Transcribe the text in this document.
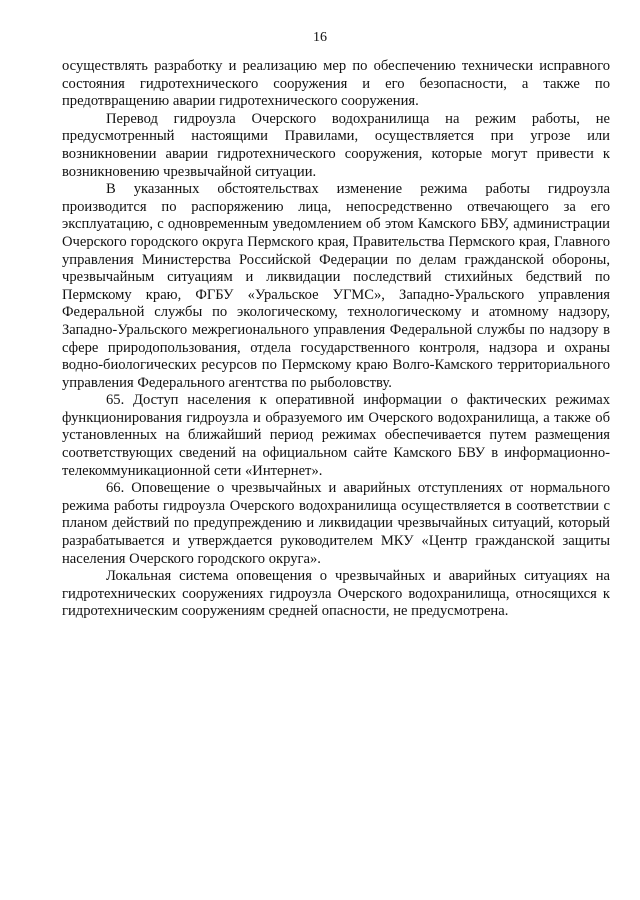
16

осуществлять разработку и реализацию мер по обеспечению технически исправного состояния гидротехнического сооружения и его безопасности, а также по предотвращению аварии гидротехнического сооружения.

Перевод гидроузла Очерского водохранилища на режим работы, не предусмотренный настоящими Правилами, осуществляется при угрозе или возникновении аварии гидротехнического сооружения, которые могут привести к возникновению чрезвычайной ситуации.

В указанных обстоятельствах изменение режима работы гидроузла производится по распоряжению лица, непосредственно отвечающего за его эксплуатацию, с одновременным уведомлением об этом Камского БВУ, администрации Очерского городского округа Пермского края, Правительства Пермского края, Главного управления Министерства Российской Федерации по делам гражданской обороны, чрезвычайным ситуациям и ликвидации последствий стихийных бедствий по Пермскому краю, ФГБУ «Уральское УГМС», Западно-Уральского управления Федеральной службы по экологическому, технологическому и атомному надзору, Западно-Уральского межрегионального управления Федеральной службы по надзору в сфере природопользования, отдела государственного контроля, надзора и охраны водно-биологических ресурсов по Пермскому краю Волго-Камского территориального управления Федерального агентства по рыболовству.

65. Доступ населения к оперативной информации о фактических режимах функционирования гидроузла и образуемого им Очерского водохранилища, а также об установленных на ближайший период режимах обеспечивается путем размещения соответствующих сведений на официальном сайте Камского БВУ в информационно-телекоммуникационной сети «Интернет».

66. Оповещение о чрезвычайных и аварийных отступлениях от нормального режима работы гидроузла Очерского водохранилища осуществляется в соответствии с планом действий по предупреждению и ликвидации чрезвычайных ситуаций, который разрабатывается и утверждается руководителем МКУ «Центр гражданской защиты населения Очерского городского округа».

Локальная система оповещения о чрезвычайных и аварийных ситуациях на гидротехнических сооружениях гидроузла Очерского водохранилища, относящихся к гидротехническим сооружениям средней опасности, не предусмотрена.
